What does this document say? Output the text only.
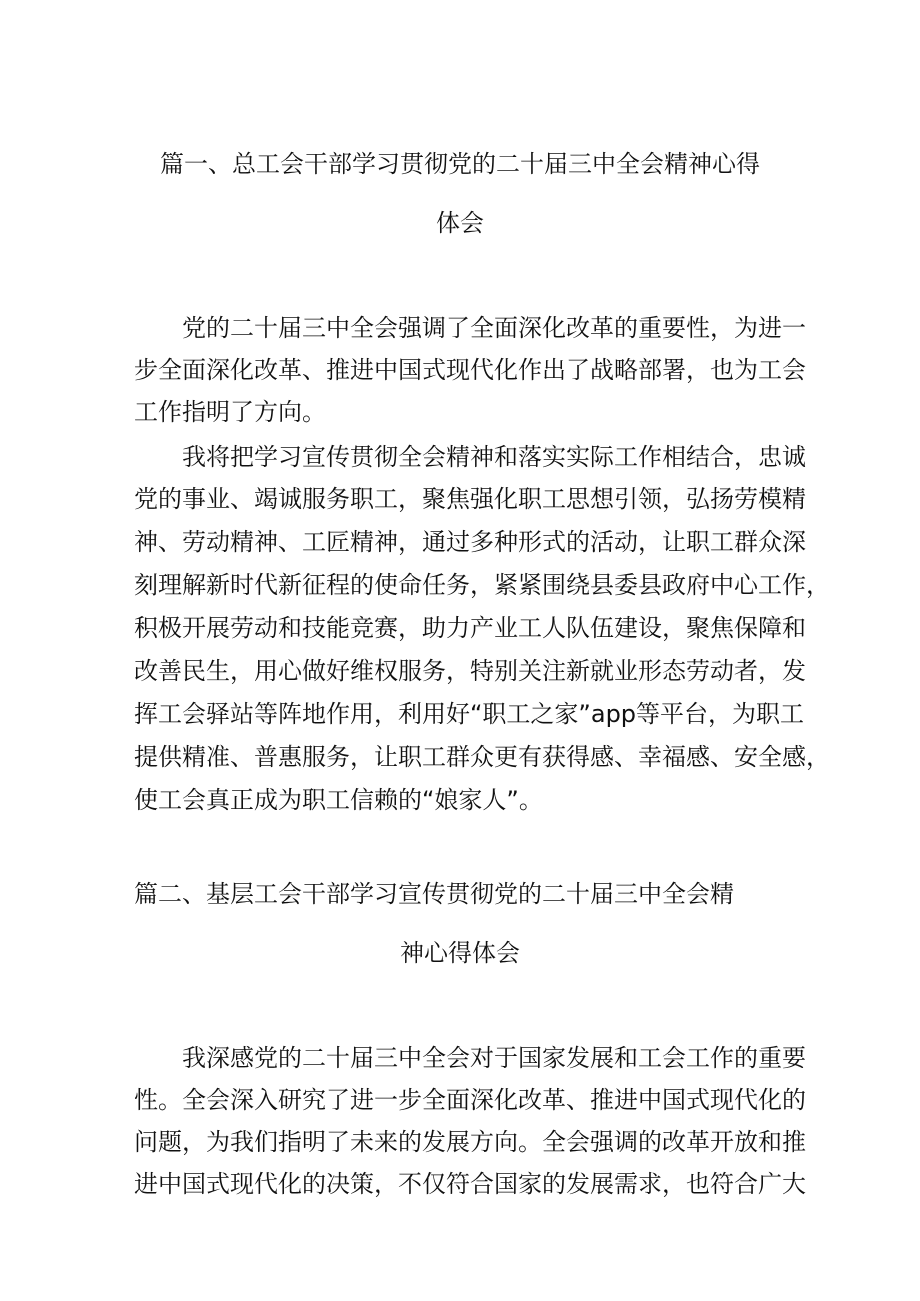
篇一、总工会干部学习贯彻党的二十届三中全会精神心得
体会
党的二十届三中全会强调了全面深化改革的重要性，为进一
步全面深化改革、推进中国式现代化作出了战略部署，也为工会
工作指明了方向。
我将把学习宣传贯彻全会精神和落实实际工作相结合，忠诚
党的事业、竭诚服务职工，聚焦强化职工思想引领，弘扬劳模精
神、劳动精神、工匠精神，通过多种形式的活动，让职工群众深
刻理解新时代新征程的使命任务，紧紧围绕县委县政府中心工作，
积极开展劳动和技能竞赛，助力产业工人队伍建设，聚焦保障和
改善民生，用心做好维权服务，特别关注新就业形态劳动者，发
挥工会驿站等阵地作用，利用好“职工之家”app等平台，为职工
提供精准、普惠服务，让职工群众更有获得感、幸福感、安全感，
使工会真正成为职工信赖的“娘家人”。
篇二、基层工会干部学习宣传贯彻党的二十届三中全会精
神心得体会
我深感党的二十届三中全会对于国家发展和工会工作的重要
性。全会深入研究了进一步全面深化改革、推进中国式现代化的
问题，为我们指明了未来的发展方向。全会强调的改革开放和推
进中国式现代化的决策，不仅符合国家的发展需求，也符合广大
